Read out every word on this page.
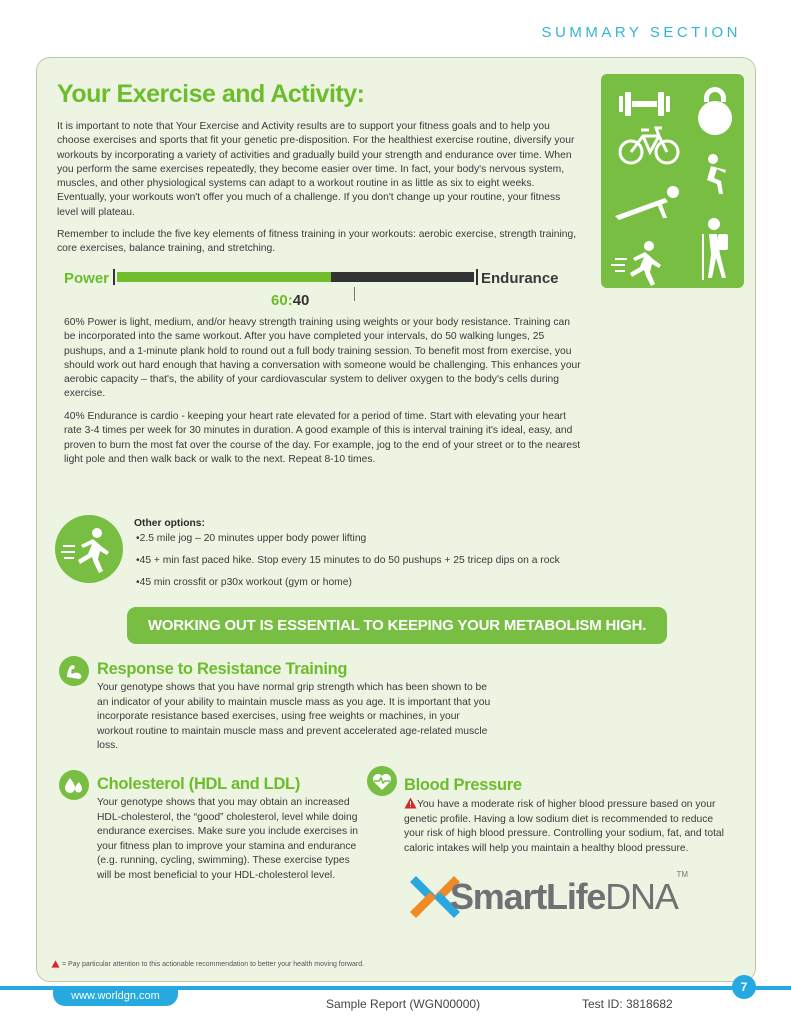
SUMMARY SECTION
Your Exercise and Activity:

It is important to note that Your Exercise and Activity results are to support your fitness goals and to help you choose exercises and sports that fit your genetic pre-disposition. For the healthiest exercise routine, diversify your workouts by incorporating a variety of activities and gradually build your strength and endurance over time. When you perform the same exercises repeatedly, they become easier over time. In fact, your body's nervous system, muscles, and other physiological systems can adapt to a workout routine in as little as six to eight weeks. Eventually, your workouts won't offer you much of a challenge. If you don't change up your routine, your fitness level will plateau.

Remember to include the five key elements of fitness training in your workouts: aerobic exercise, strength training, core exercises, balance training, and stretching.

Power	Endurance
60:40

60% Power is light, medium, and/or heavy strength training using weights or your body resistance. Training can be incorporated into the same workout. After you have completed your intervals, do 50 walking lunges, 25 pushups, and a 1-minute plank hold to round out a full body training session. To benefit most from exercise, you should work out hard enough that having a conversation with someone would be challenging. This enhances your aerobic capacity – that's, the ability of your cardiovascular system to deliver oxygen to the body's cells during exercise.

40% Endurance is cardio - keeping your heart rate elevated for a period of time. Start with elevating your heart rate 3-4 times per week for 30 minutes in duration. A good example of this is interval training it's ideal, easy, and proven to burn the most fat over the course of the day. For example, jog to the end of your street or to the nearest light pole and then walk back or walk to the next. Repeat 8-10 times.

Other options:
•2.5 mile jog – 20 minutes upper body power lifting
•45 + min fast paced hike. Stop every 15 minutes to do 50 pushups + 25 tricep dips on a rock
•45 min crossfit or p30x workout (gym or home)
WORKING OUT IS ESSENTIAL TO KEEPING YOUR METABOLISM HIGH.
Response to Resistance Training

Your genotype shows that you have normal grip strength which has been shown to be an indicator of your ability to maintain muscle mass as you age. It is important that you incorporate resistance based exercises, using free weights or machines, in your workout routine to maintain muscle mass and prevent accelerated age-related muscle loss.

Cholesterol (HDL and LDL)

Your genotype shows that you may obtain an increased HDL-cholesterol, the “good” cholesterol, level while doing endurance exercises. Make sure you include exercises in your fitness plan to improve your stamina and endurance (e.g. running, cycling, swimming). These exercise types will be most beneficial to your HDL-cholesterol level.

Blood Pressure

You have a moderate risk of higher blood pressure based on your genetic profile. Having a low sodium diet is recommended to reduce your risk of high blood pressure. Controlling your sodium, fat, and total caloric intakes will help you maintain a healthy blood pressure.

= Pay particular attention to this actionable recommendation to better your health moving forward.
SmartLifeDNA
TM
www.worldgn.com
7
Sample Report (WGN00000)	Test ID: 3818682
